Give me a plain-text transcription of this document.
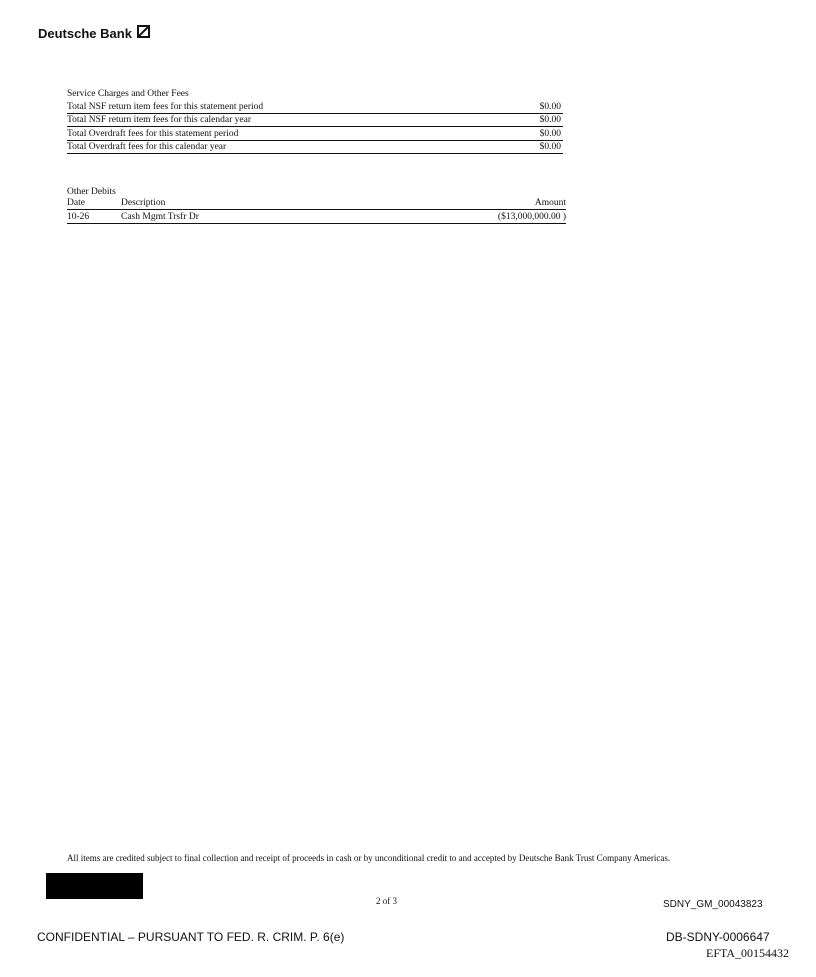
Deutsche Bank
Service Charges and Other Fees
Total NSF return item fees for this statement period	$0.00
Total NSF return item fees for this calendar year	$0.00
Total Overdraft fees for this statement period	$0.00
Total Overdraft fees for this calendar year	$0.00
Other Debits
Date	Description	Amount
10-26	Cash Mgmt Trsfr Dr	($13,000,000.00 )
All items are credited subject to final collection and receipt of proceeds in cash or by unconditional credit to and accepted by Deutsche Bank Trust Company Americas.
2 of 3	SDNY_GM_00043823
CONFIDENTIAL – PURSUANT TO FED. R. CRIM. P. 6(e)	DB-SDNY-0006647
EFTA_00154432
